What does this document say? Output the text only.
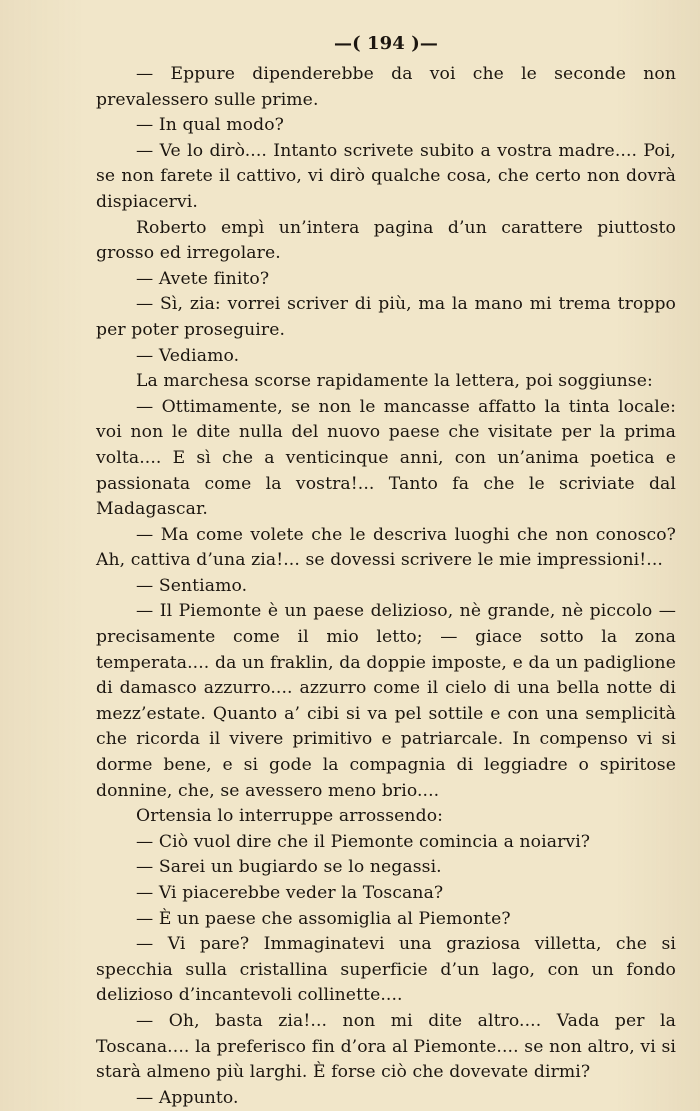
—( 194 )—

— Eppure dipenderebbe da voi che le seconde non prevalessero sulle prime.

— In qual modo?

— Ve lo dirò.... Intanto scrivete subito a vostra madre.... Poi, se non farete il cattivo, vi dirò qualche cosa, che certo non dovrà dispiacervi.

Roberto empì un’intera pagina d’un carattere piuttosto grosso ed irregolare.

— Avete finito?

— Sì, zia: vorrei scriver di più, ma la mano mi trema troppo per poter proseguire.

— Vediamo.

La marchesa scorse rapidamente la lettera, poi soggiunse:

— Ottimamente, se non le mancasse affatto la tinta locale: voi non le dite nulla del nuovo paese che visitate per la prima volta.... E sì che a venticinque anni, con un’anima poetica e passionata come la vostra!... Tanto fa che le scriviate dal Madagascar.

— Ma come volete che le descriva luoghi che non conosco? Ah, cattiva d’una zia!... se dovessi scrivere le mie impressioni!...

— Sentiamo.

— Il Piemonte è un paese delizioso, nè grande, nè piccolo — precisamente come il mio letto; — giace sotto la zona temperata.... da un fraklin, da doppie imposte, e da un padiglione di damasco azzurro.... azzurro come il cielo di una bella notte di mezz’estate. Quanto a’ cibi si va pel sottile e con una semplicità che ricorda il vivere primitivo e patriarcale. In compenso vi si dorme bene, e si gode la compagnia di leggiadre o spiritose donnine, che, se avessero meno brio....

Ortensia lo interruppe arrossendo:

— Ciò vuol dire che il Piemonte comincia a noiarvi?

— Sarei un bugiardo se lo negassi.

— Vi piacerebbe veder la Toscana?

— È un paese che assomiglia al Piemonte?

— Vi pare? Immaginatevi una graziosa villetta, che si specchia sulla cristallina superficie d’un lago, con un fondo delizioso d’incantevoli collinette....

— Oh, basta zia!... non mi dite altro.... Vada per la Toscana.... la preferisco fin d’ora al Piemonte.... se non altro, vi si starà almeno più larghi. È forse ciò che dovevate dirmi?

— Appunto.
